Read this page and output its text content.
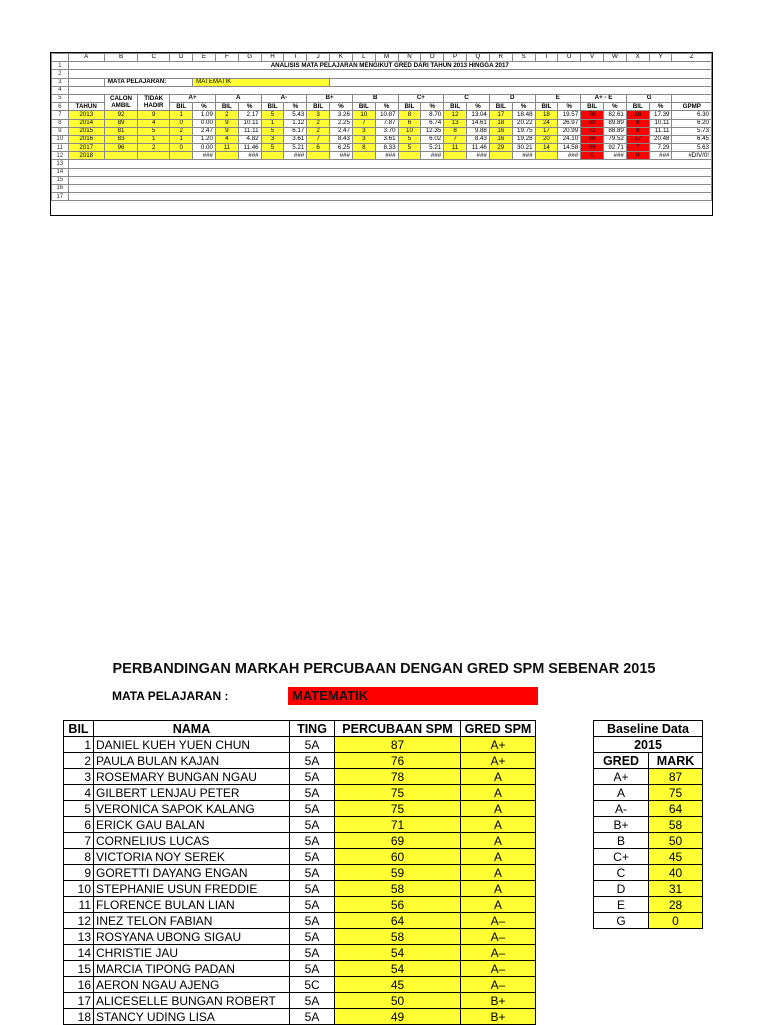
	A	B	C	D	E	F	G	H	I	J	K	L	M	N	O	P	Q	R	S	T	U	V	W	X	Y	Z
1	ANALISIS MATA PELAJARAN MENGIKUT GRED DARI TAHUN 2013 HINGGA 2017																									
2																										
3		MATA PELAJARAN:			MATEMATIK																					
4																										
5		CALON AMBIL	TIDAK HADIR	A+		A		A-		B+		B		C+		C		D		E		A+ - E		G		
6	TAHUN			BIL	%	BIL	%	BIL	%	BIL	%	BIL	%	BIL	%	BIL	%	BIL	%	BIL	%	BIL	%	BIL	%	GPMP
7	2013	92	9	1	1.09	2	2.17	5	5.43	3	3.26	10	10.87	8	8.70	12	13.04	17	18.48	18	19.57	76	82.61	16	17.39	6.30
8	2014	89	4	0	0.00	9	10.11	1	1.12	2	2.25	7	7.87	6	6.74	13	14.61	18	20.22	24	26.97	80	89.89	9	10.11	6.20
9	2015	81	5	2	2.47	9	11.11	5	6.17	2	2.47	3	3.70	10	12.35	8	9.88	16	19.75	17	20.99	72	88.89	9	11.11	5.73
10	2016	83	1	1	1.20	4	4.82	3	3.61	7	8.43	3	3.61	5	6.02	7	8.43	16	19.28	20	24.10	66	79.52	17	20.48	6.45
11	2017	96	2	0	0.00	11	11.46	5	5.21	6	6.25	8	8.33	5	5.21	11	11.46	29	30.21	14	14.58	89	92.71	7	7.29	5.63
12	2018				###		###		###		###		###		###		###		###		###	0	###	0	###	#DIV/0!
13																										
14																										
15																										
16																										
17																										
PERBANDINGAN MARKAH PERCUBAAN DENGAN GRED SPM SEBENAR 2015
MATA PELAJARAN :	MATEMATIK
BIL	NAMA	TING	PERCUBAAN SPM	GRED SPM
1	DANIEL KUEH YUEN CHUN	5A	87	A+
2	PAULA BULAN KAJAN	5A	76	A+
3	ROSEMARY BUNGAN NGAU	5A	78	A
4	GILBERT LENJAU PETER	5A	75	A
5	VERONICA SAPOK KALANG	5A	75	A
6	ERICK GAU BALAN	5A	71	A
7	CORNELIUS LUCAS	5A	69	A
8	VICTORIA NOY SEREK	5A	60	A
9	GORETTI DAYANG ENGAN	5A	59	A
10	STEPHANIE USUN FREDDIE	5A	58	A
11	FLORENCE BULAN LIAN	5A	56	A
12	INEZ TELON FABIAN	5A	64	A–
13	ROSYANA UBONG SIGAU	5A	58	A–
14	CHRISTIE JAU	5A	54	A–
15	MARCIA TIPONG PADAN	5A	54	A–
16	AERON NGAU AJENG	5C	45	A–
17	ALICESELLE BUNGAN ROBERT	5A	50	B+
18	STANCY UDING LISA	5A	49	B+
Baseline Data	
2015	
GRED	MARK
A+	87
A	75
A-	64
B+	58
B	50
C+	45
C	40
D	31
E	28
G	0
